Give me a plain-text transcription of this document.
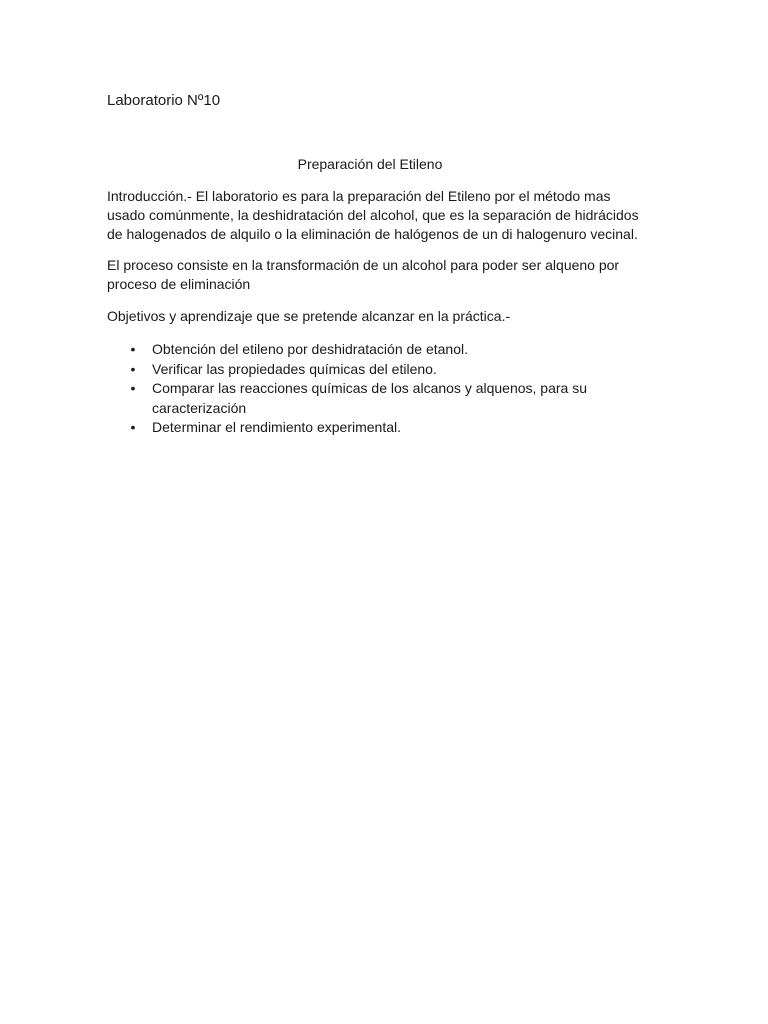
Laboratorio Nº10
Preparación del Etileno

Introducción.- El laboratorio es para la preparación del Etileno por el método mas usado comúnmente, la deshidratación del alcohol, que es la separación de hidrácidos de halogenados de alquilo o la eliminación de halógenos de un di halogenuro vecinal.

El proceso consiste en la transformación de un alcohol para poder ser alqueno por proceso de eliminación

Objetivos y aprendizaje que se pretende alcanzar en la práctica.-

• Obtención del etileno por deshidratación de etanol.
• Verificar las propiedades químicas del etileno.
• Comparar las reacciones químicas de los alcanos y alquenos, para su caracterización
• Determinar el rendimiento experimental.
